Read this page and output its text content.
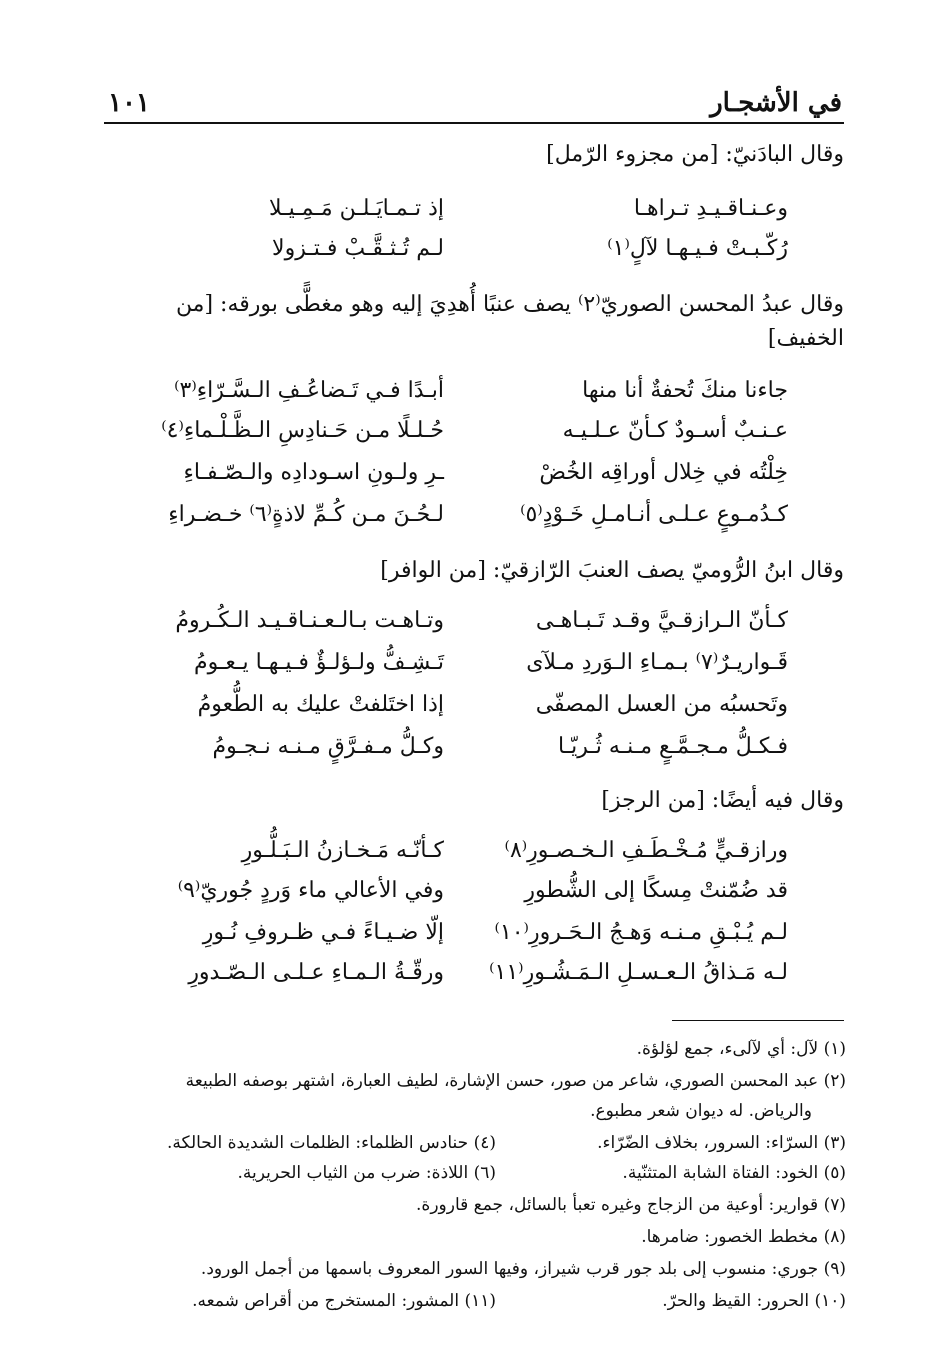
في الأشجـار
١٠١
وقال البادَنيّ: [من مجزوء الرّمل]
وعـنـاقـيـدِ تـراهـا
إذ تـمـايَـلـن مَـمِـيـلا
رُكّـبـتْ فـيـهـا لآلٍ⁽١⁾
لـم تُـثـقَّـبْ فـتـزولا
وقال عبدُ المحسن الصوريّ⁽٢⁾ يصف عنبًا أُهدِيَ إليه وهو مغطًّى بورقه: [من
الخفيف]
جاءنا منكَ تُحفةٌ أنا منها
أبـدًا فـي تَـضاعُـفِ الـسَّـرّاءِ⁽٣⁾
عـنـبٌ أسـودٌ كـأنّ عـلـيـه
حُـلـلًا مـن حَـنادِسِ الـظَّـلْـماءِ⁽٤⁾
خِلْتُه في خِلال أوراقِه الخُضْ
ـرِ ولـونِ اسـودادِه والـصّـفـاءِ
كـدُمـوعٍ عـلـى أنـامـلِ خَـوْدٍ⁽٥⁾
لـحُـنَ مـن كُـمِّ لاذةٍ⁽٦⁾ خـضـراءِ
وقال ابنُ الرُّوميّ يصف العنبَ الرّازقيّ: [من الوافر]
كـأنّ الـرازقـيَّ وقـد تَـبـاهـى
وتـاهـت بـالـعـنـاقـيـد الـكُـرومُ
قَـواريـرٌ⁽٧⁾ بـمـاءِ الـوَردِ مـلآى
تَـشِـفُّ ولـؤلـؤٌ فـيـهـا يـعـومُ
وتَحسبُه من العسل المصفّى
إذا اختَلفتْ عليك به الطُّعومُ
فـكـلُّ مـجـمَّـعٍ مـنـه ثُـريّـا
وكـلُّ مـفـرَّقٍ مـنـه نـجـومُ
وقال فيه أيضًا: [من الرجز]
ورازقـيٍّ مُـخْـطَـفِ الـخـصـورِ⁽٨⁾
كـأنّـه مَـخـازنُ الـبَـلُّـورِ
قد ضُمّنتْ مِسكًا إلى الشُّطورِ
وفي الأعالي ماء وَردٍ جُوريّ⁽٩⁾
لـم يُـبْـقِ مـنـه وَهـجُ الـحَـرورِ⁽١٠⁾
إلّا ضـيـاءً فـي ظـروفِ نُـورِ
لـه مَـذاقُ الـعـسـلِ الـمَـشُـورِ⁽١١⁾
ورقّـةُ الـمـاءِ عـلـى الـصّـدورِ
(١) لآل: أي لآلىء، جمع لؤلؤة.
(٢) عبد المحسن الصوري، شاعر من صور، حسن الإشارة، لطيف العبارة، اشتهر بوصفه الطبيعة
والرياض. له ديوان شعر مطبوع.
(٣) السرّاء: السرور، بخلاف الضّرّاء.(٤) حنادس الظلماء: الظلمات الشديدة الحالكة.
(٥) الخود: الفتاة الشابة المتثنّية.(٦) اللاذة: ضرب من الثياب الحريرية.
(٧) قوارير: أوعية من الزجاج وغيره تعبأ بالسائل، جمع قارورة.
(٨) مخطط الخصور: ضامرها.
(٩) جوري: منسوب إلى بلد جور قرب شيراز، وفيها السور المعروف باسمها من أجمل الورود.
(١٠) الحرور: القيظ والحرّ.(١١) المشور: المستخرج من أقراص شمعه.
